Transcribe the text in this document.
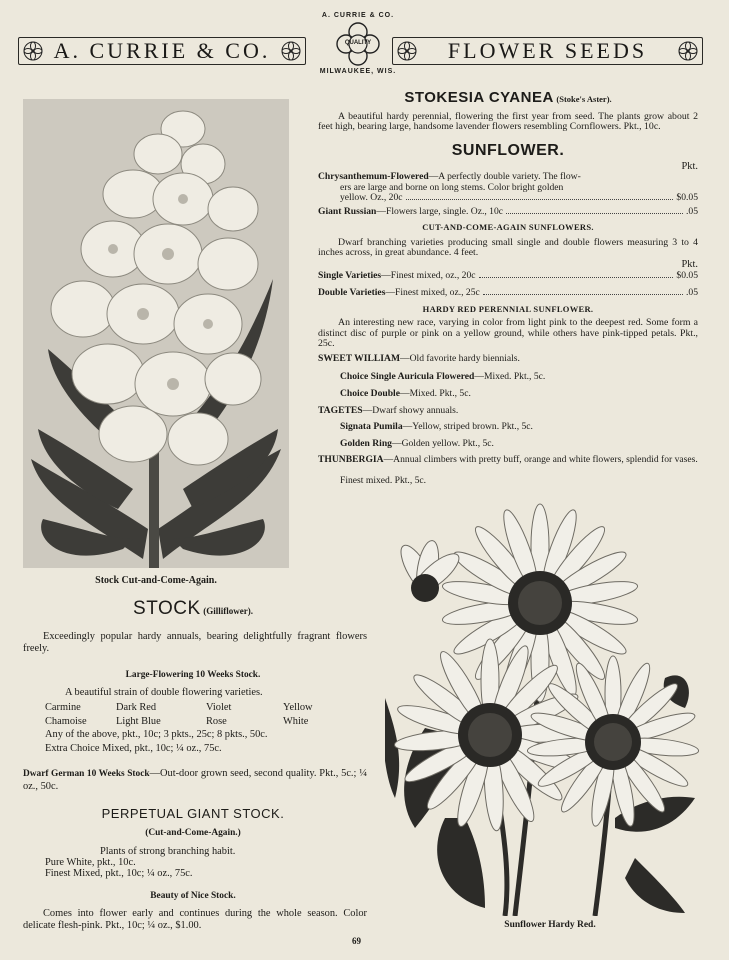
A. CURRIE & CO.
A. CURRIE & CO.
QUALITY
MILWAUKEE, WIS.
FLOWER SEEDS
Stock Cut-and-Come-Again.
STOCK (Gilliflower).
Exceedingly popular hardy annuals, bearing delightfully fragrant flowers freely.
Large-Flowering 10 Weeks Stock.
A beautiful strain of double flowering varieties.
Carmine	Dark Red	Violet	Yellow
Chamoise	Light Blue	Rose	White
Any of the above, pkt., 10c; 3 pkts., 25c; 8 pkts., 50c.
Extra Choice Mixed, pkt., 10c; ¼ oz., 75c.
Dwarf German 10 Weeks Stock—Out-door grown seed, second quality. Pkt., 5c.; ¼ oz., 50c.
PERPETUAL GIANT STOCK.
(Cut-and-Come-Again.)
Plants of strong branching habit.
Pure White, pkt., 10c.
Finest Mixed, pkt., 10c; ¼ oz., 75c.
Beauty of Nice Stock.
Comes into flower early and continues during the whole season. Color delicate flesh-pink. Pkt., 10c; ¼ oz., $1.00.
STOKESIA CYANEA (Stoke's Aster).
A beautiful hardy perennial, flowering the first year from seed. The plants grow about 2 feet high, bearing large, handsome lavender flowers resembling Cornflowers. Pkt., 10c.
SUNFLOWER.
Pkt.
Chrysanthemum-Flowered—A perfectly double variety. The flow-
ers are large and borne on long stems. Color bright golden
yellow. Oz., 20c	$0.05
Giant Russian —Flowers large, single. Oz., 10c	.05
CUT-AND-COME-AGAIN SUNFLOWERS.
Dwarf branching varieties producing small single and double flowers measuring 3 to 4 inches across, in great abundance. 4 feet.
Pkt.
Single Varieties —Finest mixed, oz., 20c	$0.05
Double Varieties —Finest mixed, oz., 25c	.05
HARDY RED PERENNIAL SUNFLOWER.
An interesting new race, varying in color from light pink to the deepest red. Some form a distinct disc of purple or pink on a yellow ground, while others have pink-tipped petals. Pkt., 25c.
SWEET WILLIAM—Old favorite hardy biennials.
Choice Single Auricula Flowered—Mixed. Pkt., 5c.
Choice Double—Mixed. Pkt., 5c.
TAGETES—Dwarf showy annuals.
Signata Pumila—Yellow, striped brown. Pkt., 5c.
Golden Ring—Golden yellow. Pkt., 5c.
THUNBERGIA—Annual climbers with pretty buff, orange and white flowers, splendid for vases.
Finest mixed. Pkt., 5c.
Sunflower Hardy Red.
69
